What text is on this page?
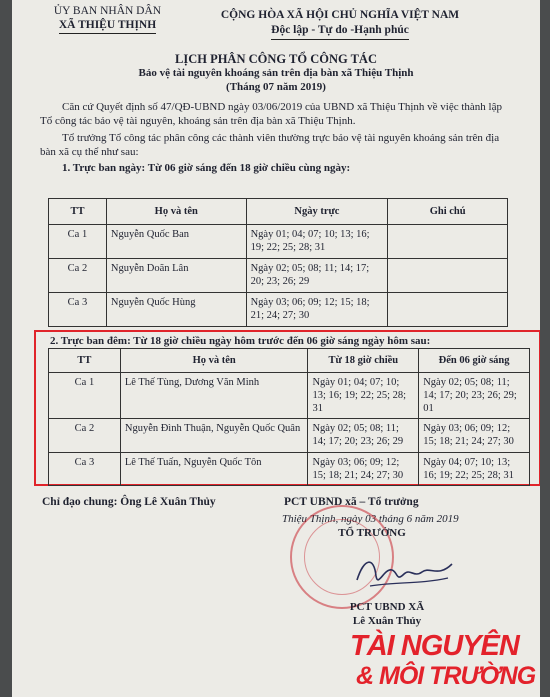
ỦY BAN NHÂN DÂN
XÃ THIỆU THỊNH
CỘNG HÒA XÃ HỘI CHỦ NGHĨA VIỆT NAM
Độc lập - Tự do -Hạnh phúc
LỊCH PHÂN CÔNG TỔ CÔNG TÁC
Bảo vệ tài nguyên khoáng sản trên địa bàn xã Thiệu Thịnh
(Tháng 07 năm 2019)

Căn cứ Quyết định số 47/QĐ-UBND ngày 03/06/2019 của UBND xã Thiệu Thịnh về việc thành lập Tổ công tác bảo vệ tài nguyên, khoáng sản trên địa bàn xã Thiệu Thịnh.

Tổ trưởng Tổ công tác phân công các thành viên thường trực bảo vệ tài nguyên khoáng sản trên địa bàn xã cụ thể như sau:

1. Trực ban ngày: Từ 06 giờ sáng đến 18 giờ chiều cùng ngày:

TT	Họ và tên	Ngày trực	Ghi chú
Ca 1	Nguyễn Quốc Ban	Ngày 01; 04; 07; 10; 13; 16; 19; 22; 25; 28; 31	
Ca 2	Nguyễn Doãn Lân	Ngày 02; 05; 08; 11; 14; 17; 20; 23; 26; 29	
Ca 3	Nguyễn Quốc Hùng	Ngày 03; 06; 09; 12; 15; 18; 21; 24; 27; 30	
2. Trực ban đêm: Từ 18 giờ chiều ngày hôm trước đến 06 giờ sáng ngày hôm sau:
TT	Họ và tên	Từ 18 giờ chiều	Đến 06 giờ sáng
Ca 1	Lê Thế Tùng, Dương Văn Minh	Ngày 01; 04; 07; 10; 13; 16; 19; 22; 25; 28; 31	Ngày 02; 05; 08; 11; 14; 17; 20; 23; 26; 29; 01
Ca 2	Nguyễn Đình Thuận, Nguyễn Quốc Quân	Ngày 02; 05; 08; 11; 14; 17; 20; 23; 26; 29	Ngày 03; 06; 09; 12; 15; 18; 21; 24; 27; 30
Ca 3	Lê Thế Tuấn, Nguyễn Quốc Tôn	Ngày 03; 06; 09; 12; 15; 18; 21; 24; 27; 30	Ngày 04; 07; 10; 13; 16; 19; 22; 25; 28; 31
Chỉ đạo chung: Ông Lê Xuân Thủy	PCT UBND xã – Tổ trưởng
Thiệu Thịnh, ngày 03 tháng 6 năm 2019
TỔ TRƯỞNG
PCT UBND XÃ
Lê Xuân Thủy
TÀI NGUYÊN
& MÔI TRƯỜNG
